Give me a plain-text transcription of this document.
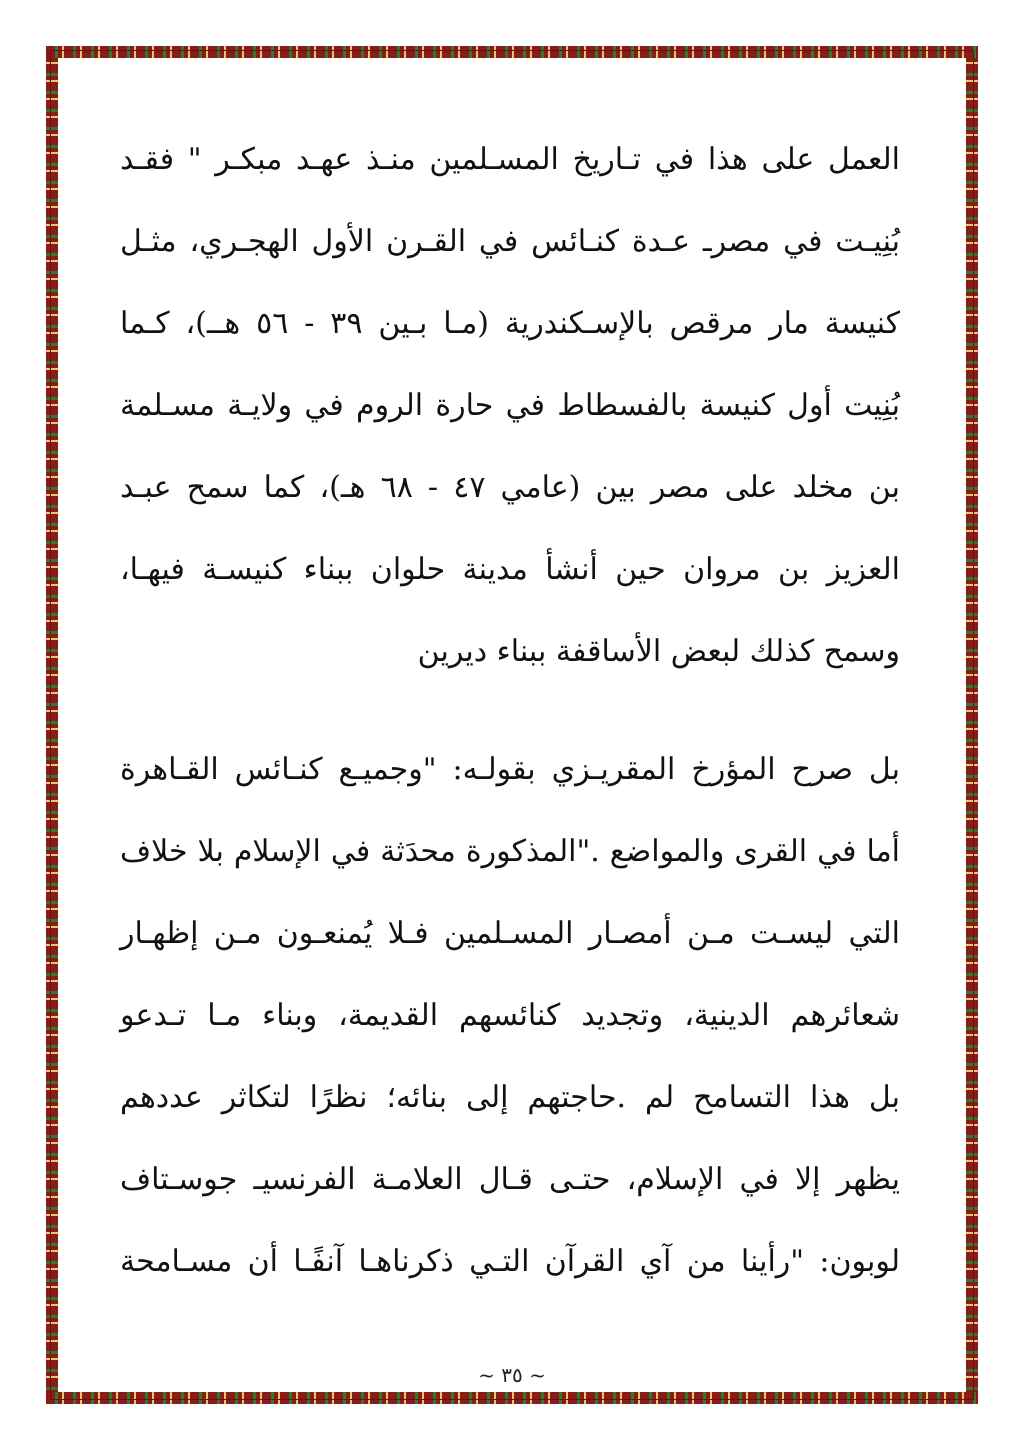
العمل على هذا في تـاريخ المسـلمين منـذ عهـد مبكـر " فقـد
بُنِيـت في مصرـ عـدة كنـائس في القـرن الأول الهجـري، مثـل
كنيسة مار مرقص بالإسـكندرية (مـا بـين ٣٩ - ٥٦ هــ)، كـما
بُنِيت أول كنيسة بالفسطاط في حارة الروم في ولايـة مسـلمة
بن مخلد على مصر بين (عامي ٤٧ - ٦٨ هـ)، كما سمح عبـد
العزيز بن مروان حين أنشأ مدينة حلوان ببناء كنيسـة فيهـا،
وسمح كذلك لبعض الأساقفة ببناء ديرين
بل صرح المؤرخ المقريـزي بقولـه: "وجميـع كنـائس القـاهرة
أما في القرى والمواضع ."المذكورة محدَثة في الإسلام بلا خلاف
التي ليسـت مـن أمصـار المسـلمين فـلا يُمنعـون مـن إظهـار
شعائرهم الدينية، وتجديد كنائسهم القديمة، وبناء مـا تـدعو
بل هذا التسامح لم .حاجتهم إلى بنائه؛ نظرًا لتكاثر عددهم
يظهر إلا في الإسلام، حتـى قـال العلامـة الفرنسيـ جوسـتاف
لوبون: "رأينا من آي القرآن التـي ذكرناهـا آنفًـا أن مسـامحة
~ ٣٥ ~
